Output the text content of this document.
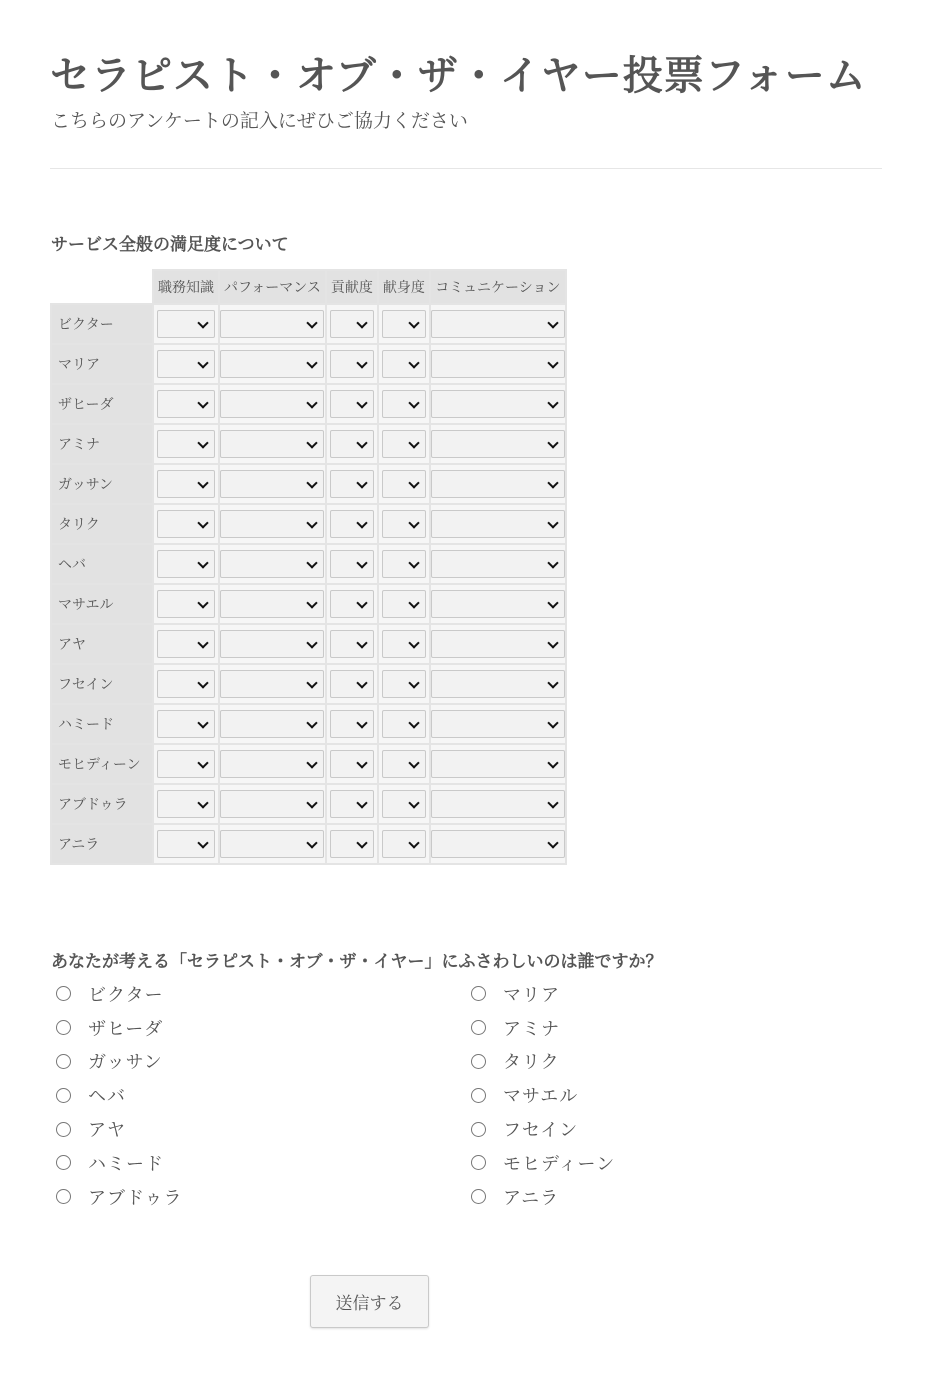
セラピスト・オブ・ザ・イヤー投票フォーム
こちらのアンケートの記入にぜひご協力ください
サービス全般の満足度について
	職務知識	パフォーマンス	貢献度	献身度	コミュニケーション
ビクター	

マリア	

ザヒーダ	

アミナ	

ガッサン	

タリク	

ヘバ	

マサエル	

アヤ	

フセイン	

ハミード	

モヒディーン	

アブドゥラ	

アニラ	

あなたが考える「セラピスト・オブ・ザ・イヤー」にふさわしいのは誰ですか？
ビクター	マリア
ザヒーダ	アミナ
ガッサン	タリク
ヘバ	マサエル
アヤ	フセイン
ハミード	モヒディーン
アブドゥラ	アニラ
送信する
